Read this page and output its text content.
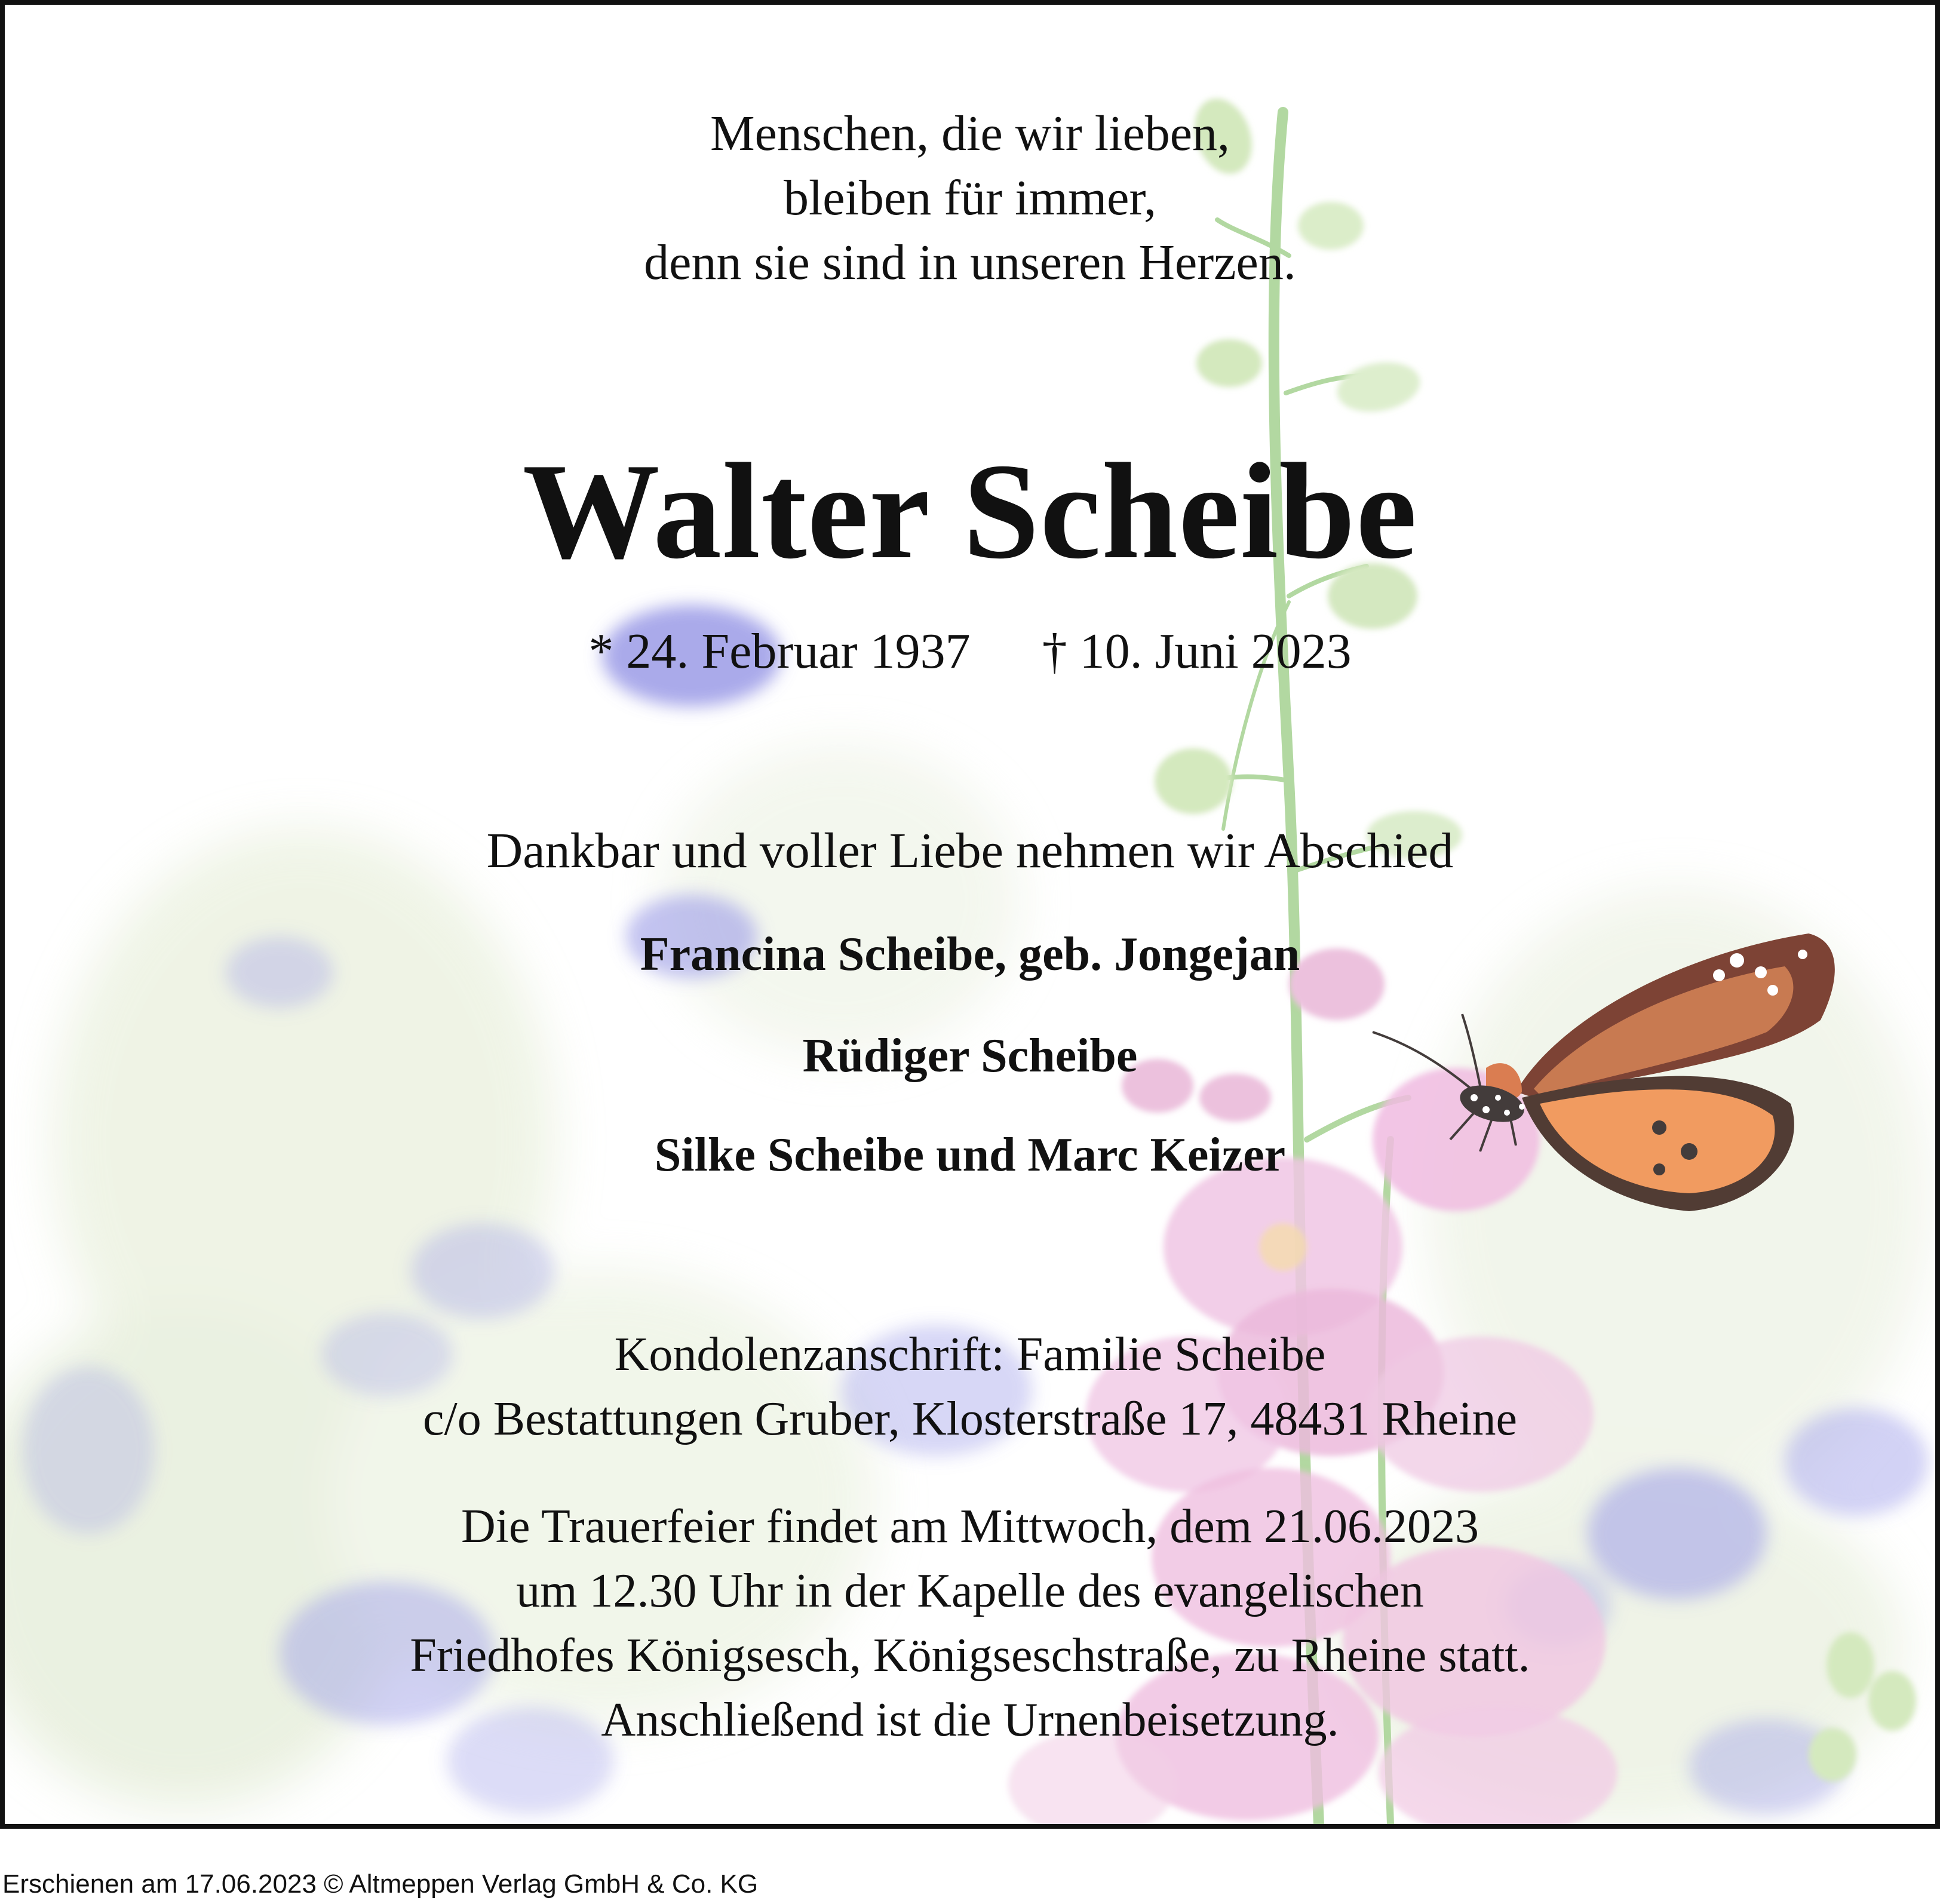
Menschen, die wir lieben,
bleiben für immer,
denn sie sind in unseren Herzen.
Walter Scheibe
* 24. Februar 1937 † 10. Juni 2023
Dankbar und voller Liebe nehmen wir Abschied
Francina Scheibe, geb. Jongejan
Rüdiger Scheibe
Silke Scheibe und Marc Keizer
Kondolenzanschrift: Familie Scheibe
c/o Bestattungen Gruber, Klosterstraße 17, 48431 Rheine
Die Trauerfeier findet am Mittwoch, dem 21.06.2023
um 12.30 Uhr in der Kapelle des evangelischen
Friedhofes Königsesch, Königseschstraße, zu Rheine statt.
Anschließend ist die Urnenbeisetzung.
Erschienen am 17.06.2023 © Altmeppen Verlag GmbH & Co. KG
